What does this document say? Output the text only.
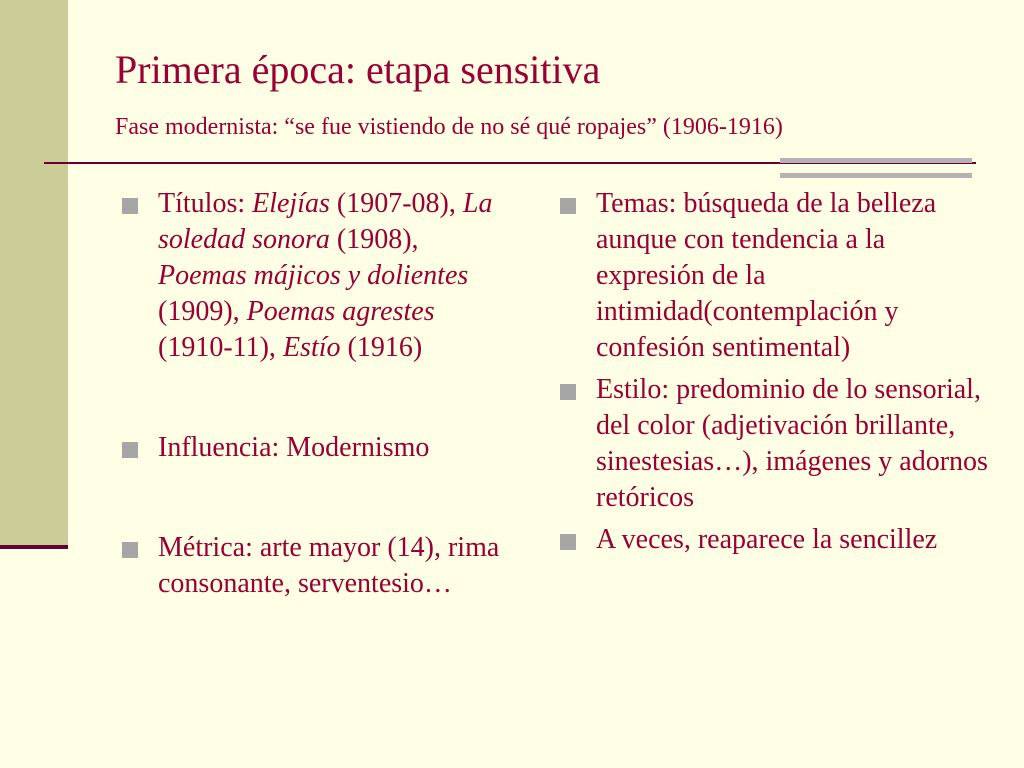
Primera época: etapa sensitiva
Fase modernista: “se fue vistiendo de no sé qué ropajes” (1906-1916)
Títulos: Elejías (1907-08), La soledad sonora (1908), Poemas májicos y dolientes (1909), Poemas agrestes (1910-11), Estío (1916)
Influencia: Modernismo
Métrica: arte mayor (14), rima consonante, serventesio…
Temas: búsqueda de la belleza aunque con tendencia a la expresión de la intimidad(contemplación y confesión sentimental)
Estilo: predominio de lo sensorial, del color (adjetivación brillante, sinestesias…), imágenes y adornos retóricos
A veces, reaparece la sencillez
